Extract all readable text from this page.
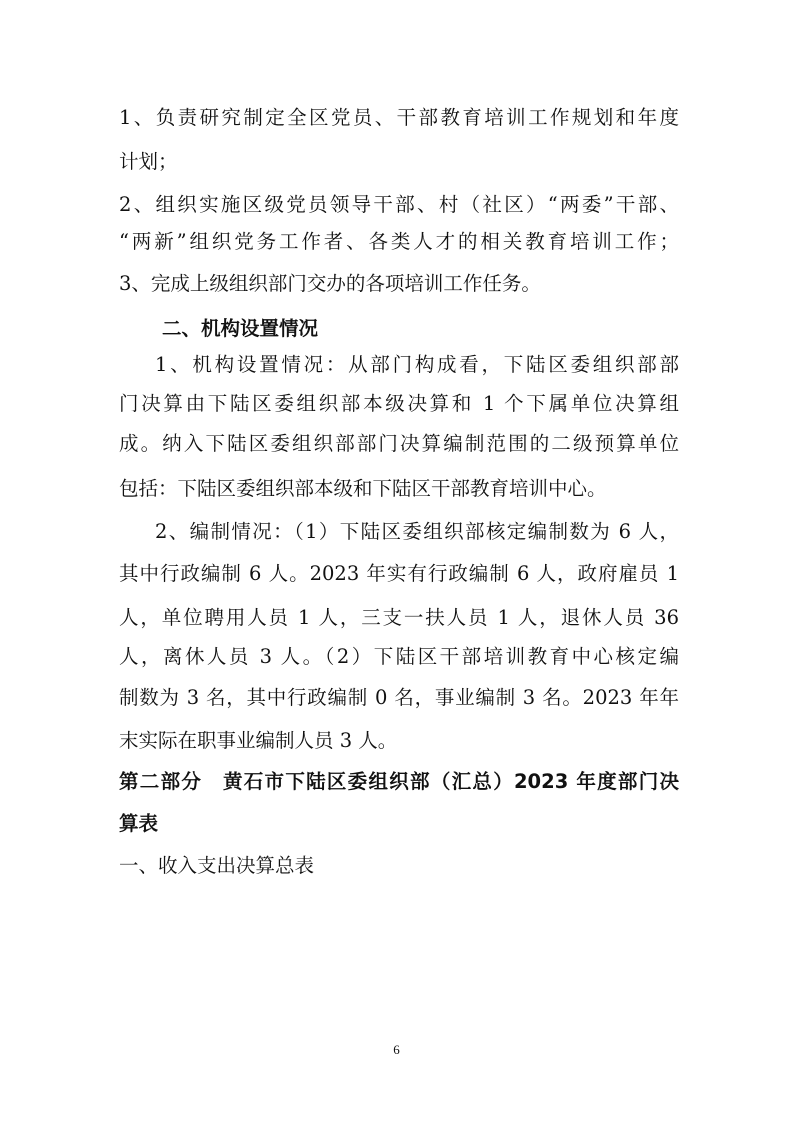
1、负责研究制定全区党员、干部教育培训工作规划和年度
计划；
2、组织实施区级党员领导干部、村（社区）“两委”干部、
“两新”组织党务工作者、各类人才的相关教育培训工作；
3、完成上级组织部门交办的各项培训工作任务。
二、机构设置情况
1、机构设置情况：从部门构成看，下陆区委组织部部
门决算由下陆区委组织部本级决算和 1 个下属单位决算组
成。纳入下陆区委组织部部门决算编制范围的二级预算单位
包括：下陆区委组织部本级和下陆区干部教育培训中心。
2、编制情况：（1）下陆区委组织部核定编制数为 6 人，
其中行政编制 6 人。2023 年实有行政编制 6 人，政府雇员 1
人，单位聘用人员 1 人，三支一扶人员 1 人，退休人员 36
人，离休人员 3 人。（2）下陆区干部培训教育中心核定编
制数为 3 名，其中行政编制 0 名，事业编制 3 名。2023 年年
末实际在职事业编制人员 3 人。
第二部分　黄石市下陆区委组织部（汇总）2023 年度部门决
算表
一、收入支出决算总表
6
